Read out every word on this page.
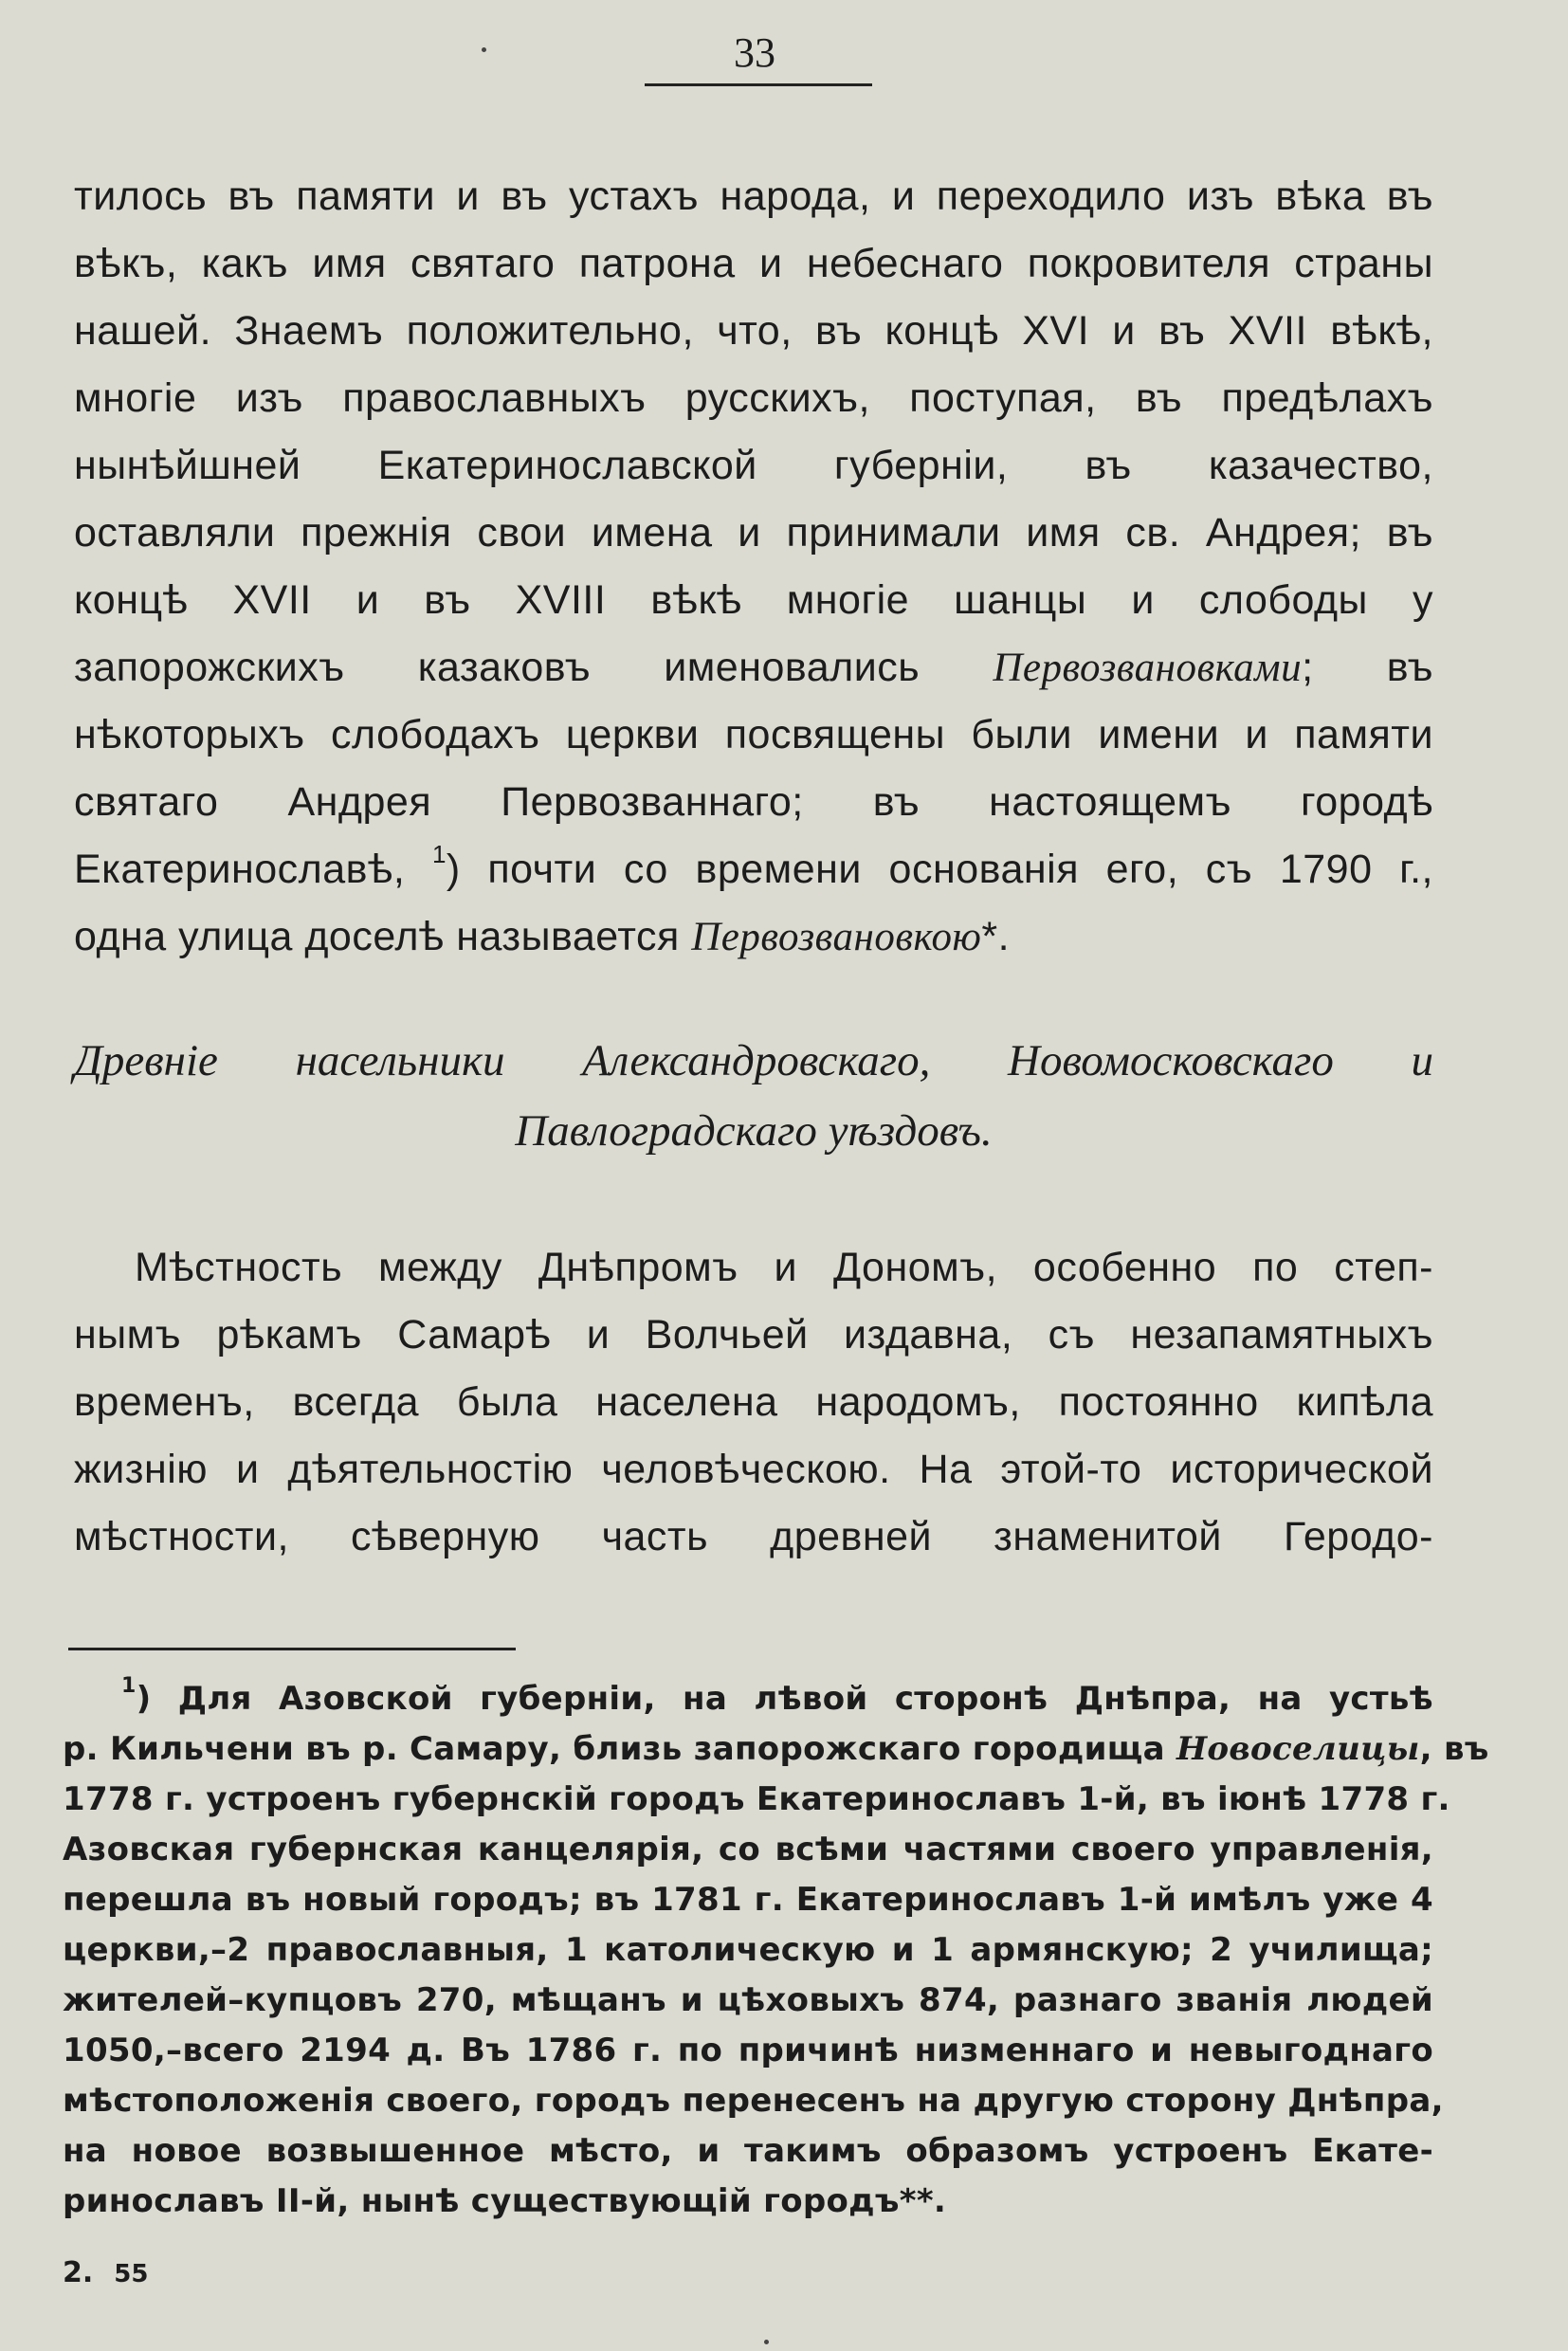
33
тилось въ памяти и въ устахъ народа, и переходило изъ вѣка въ
вѣкъ, какъ имя святаго патрона и небеснаго покровителя страны
нашей. Знаемъ положительно, что, въ концѣ XVI и въ XVII вѣкѣ,
многіе изъ православныхъ русскихъ, поступая, въ предѣлахъ
нынѣйшней Екатеринославской губерніи, въ казачество,
оставляли прежнія свои имена и принимали имя св. Андрея; въ
концѣ XVII и въ XVIII вѣкѣ многіе шанцы и слободы у
запорожскихъ казаковъ именовались Первозвановками; въ
нѣкоторыхъ слободахъ церкви посвящены были имени и памяти
святаго Андрея Первозваннаго; въ настоящемъ городѣ
Екатеринославѣ, $^1$) почти со времени основанія его, съ 1790 г.,
одна улица доселѣ называется Первозвановкою*.
Древніе насельники Александровскаго, Новомосковскаго и
Павлоградскаго уѣздовъ.
Мѣстность между Днѣпромъ и Дономъ, особенно по степ-
нымъ рѣкамъ Самарѣ и Волчьей издавна, съ незапамятныхъ
временъ, всегда была населена народомъ, постоянно кипѣла
жизнію и дѣятельностію человѣческою. На этой-то исторической
мѣстности, сѣверную часть древней знаменитой Геродо-
$^1$) Для Азовской губерніи, на лѣвой сторонѣ Днѣпра, на устьѣ
р. Кильчени въ р. Самару, близь запорожскаго городища Новоселицы, въ
1778 г. устроенъ губернскій городъ Екатеринославъ 1-й, въ іюнѣ 1778 г.
Азовская губернская канцелярія, со всѣми частями своего управленія,
перешла въ новый городъ; въ 1781 г. Екатеринославъ 1-й имѣлъ уже 4
церкви,–2 православныя, 1 католическую и 1 армянскую; 2 училища;
жителей–купцовъ 270, мѣщанъ и цѣховыхъ 874, разнаго званія людей
1050,–всего 2194 д. Въ 1786 г. по причинѣ низменнаго и невыгоднаго
мѣстоположенія своего, городъ перенесенъ на другую сторону Днѣпра,
на новое возвышенное мѣсто, и такимъ образомъ устроенъ Екате-
ринославъ II-й, нынѣ существующій городъ**.
2. 55
